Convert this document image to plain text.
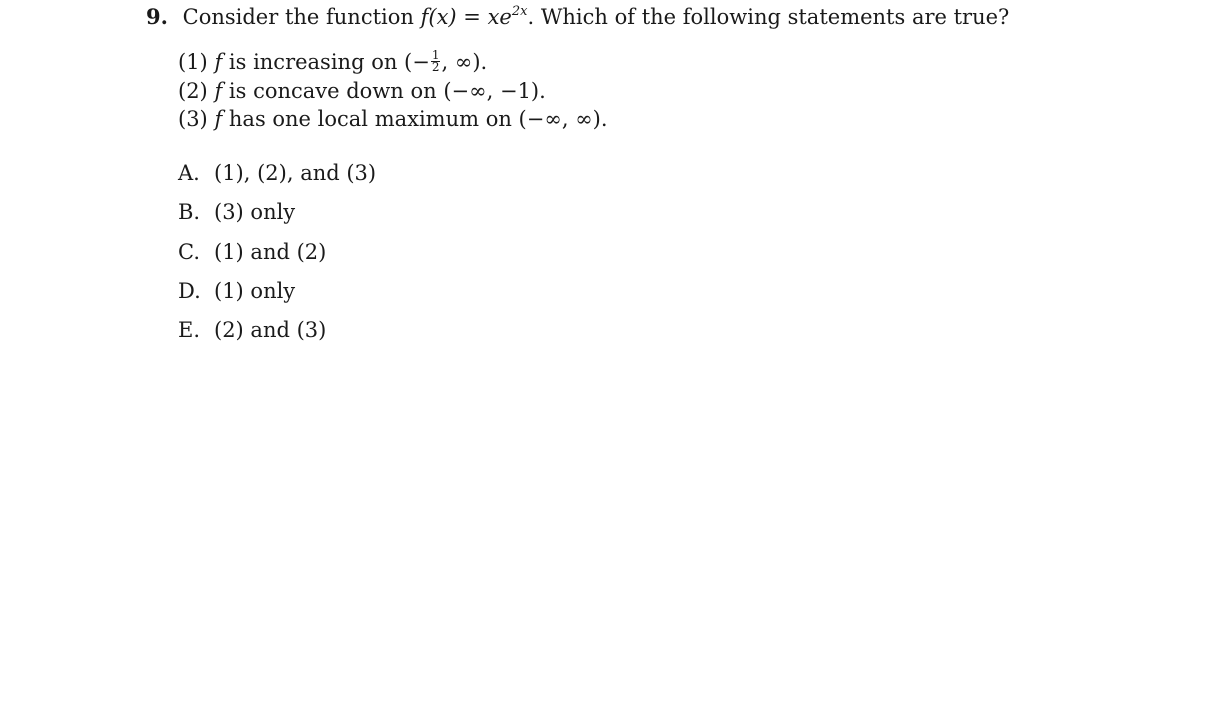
9. Consider the function $f(x) = xe^{2x}$. Which of the following statements are true?
(1) f is increasing on (− $\frac{1}{2}$ , ∞).
(2) f is concave down on (−∞, −1).
(3) f has one local maximum on (−∞, ∞).
A. (1), (2), and (3)
B. (3) only
C. (1) and (2)
D. (1) only
E. (2) and (3)
